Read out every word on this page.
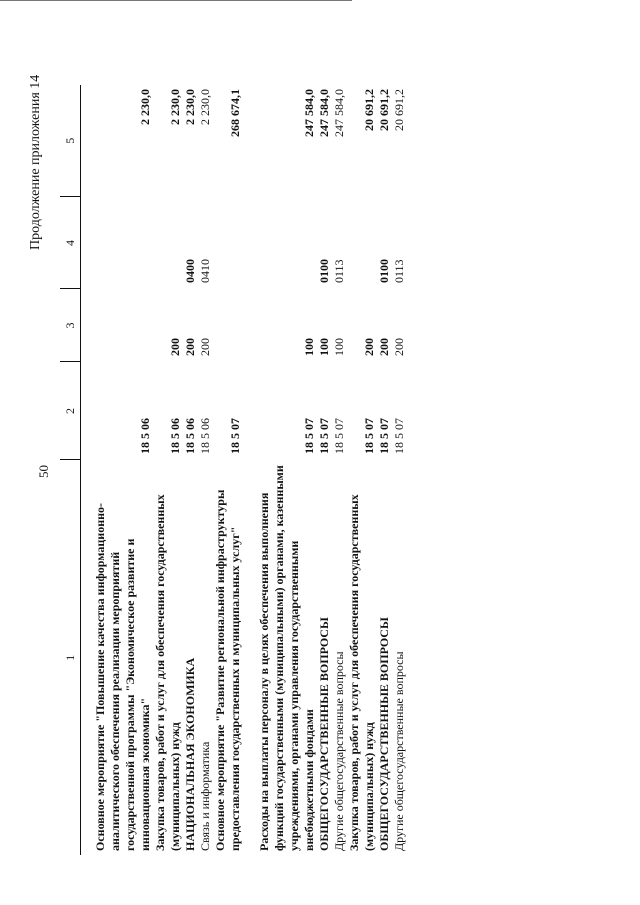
50
Продолжение приложения 14
1	2	3	4	5
Основное мероприятие "Повышение качества информационно-аналитического обеспечения реализации мероприятий государственной программы "Экономическое развитие и инновационная экономика"	18 5 06			2 230,0
Закупка товаров, работ и услуг для обеспечения государственных (муниципальных) нужд	18 5 06	200		2 230,0
НАЦИОНАЛЬНАЯ ЭКОНОМИКА	18 5 06	200	0400	2 230,0
Связь и информатика	18 5 06	200	0410	2 230,0
Основное мероприятие "Развитие региональной инфраструктуры предоставления государственных и муниципальных услуг"	18 5 07			268 674,1

Расходы на выплаты персоналу в целях обеспечения выполнения функций государственными (муниципальными) органами, казенными учреждениями, органами управления государственными внебюджетными фондами	18 5 07	100		247 584,0
ОБЩЕГОСУДАРСТВЕННЫЕ ВОПРОСЫ	18 5 07	100	0100	247 584,0
Другие общегосударственные вопросы	18 5 07	100	0113	247 584,0
Закупка товаров, работ и услуг для обеспечения государственных (муниципальных) нужд	18 5 07	200		20 691,2
ОБЩЕГОСУДАРСТВЕННЫЕ ВОПРОСЫ	18 5 07	200	0100	20 691,2
Другие общегосударственные вопросы	18 5 07	200	0113	20 691,2
